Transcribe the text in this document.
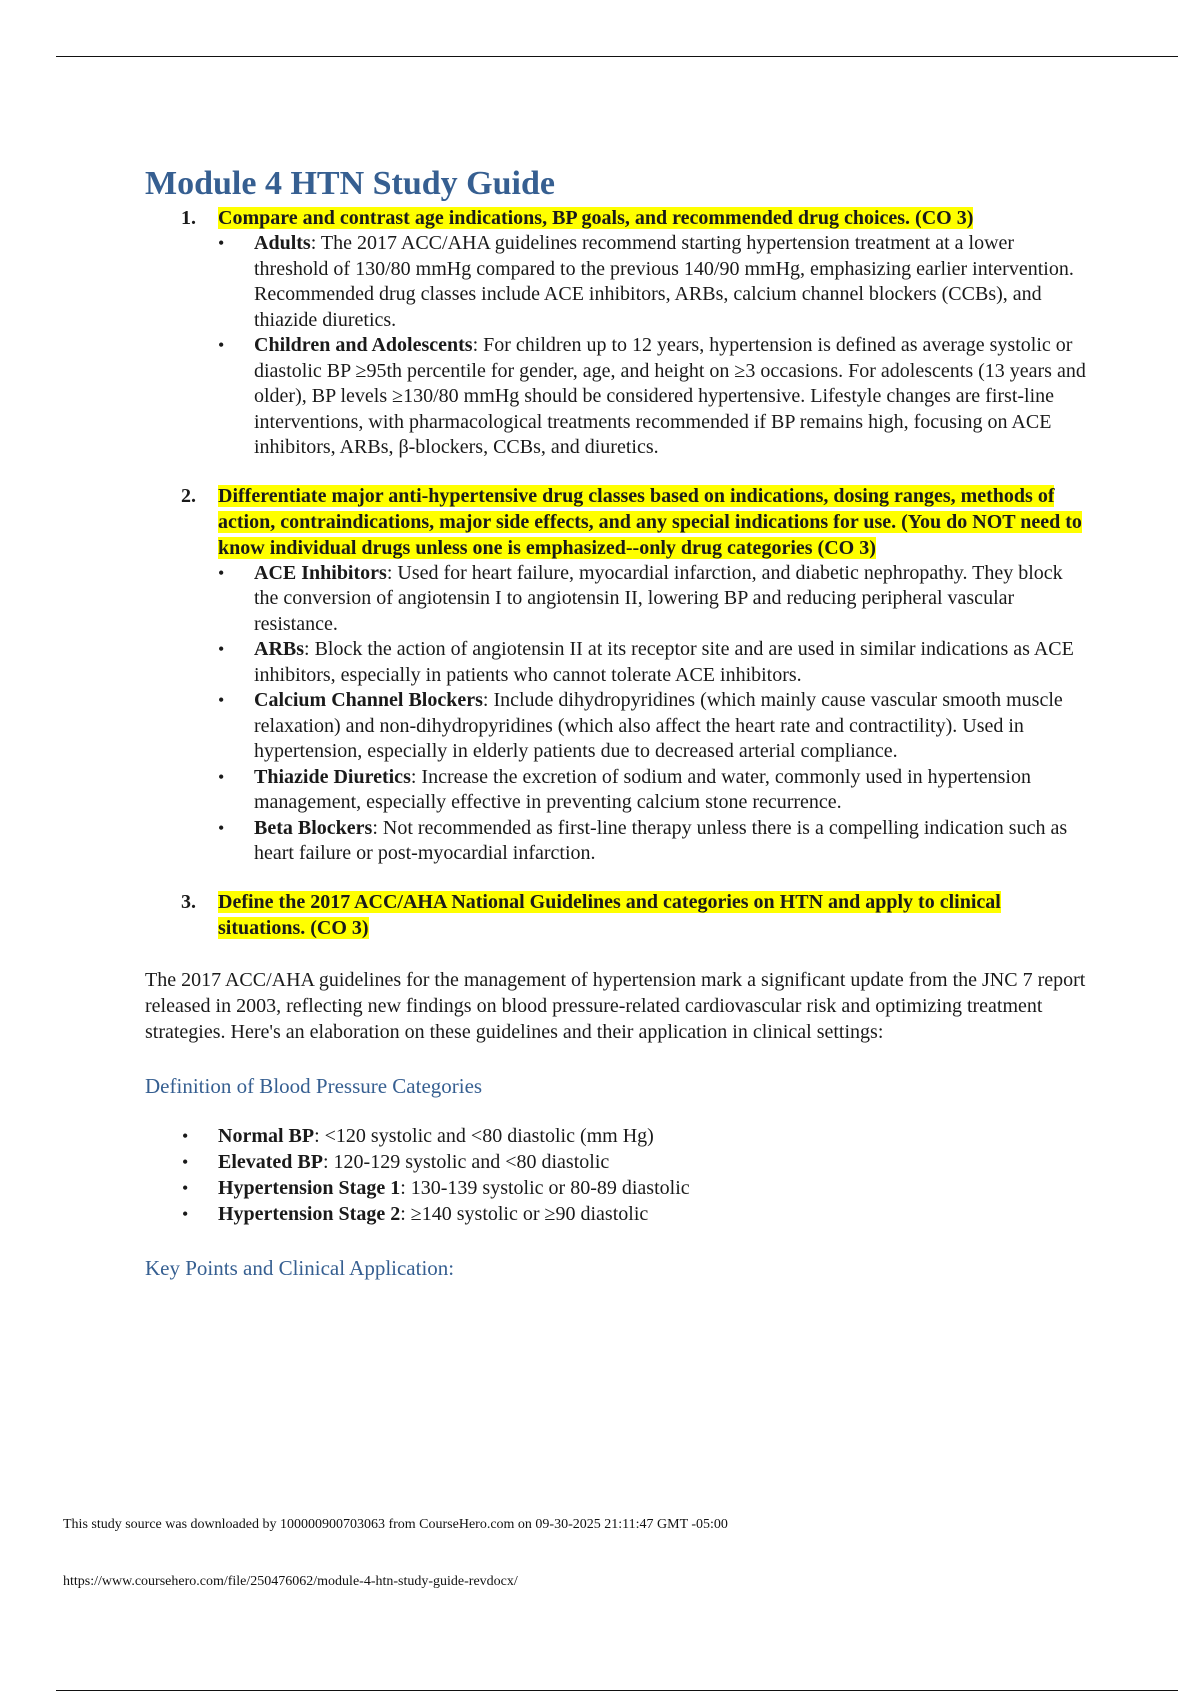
Module 4 HTN Study Guide
1. Compare and contrast age indications, BP goals, and recommended drug choices. (CO 3)
• Adults: The 2017 ACC/AHA guidelines recommend starting hypertension treatment at a lower threshold of 130/80 mmHg compared to the previous 140/90 mmHg, emphasizing earlier intervention. Recommended drug classes include ACE inhibitors, ARBs, calcium channel blockers (CCBs), and thiazide diuretics.
• Children and Adolescents: For children up to 12 years, hypertension is defined as average systolic or diastolic BP ≥95th percentile for gender, age, and height on ≥3 occasions. For adolescents (13 years and older), BP levels ≥130/80 mmHg should be considered hypertensive. Lifestyle changes are first-line interventions, with pharmacological treatments recommended if BP remains high, focusing on ACE inhibitors, ARBs, β-blockers, CCBs, and diuretics.
2. Differentiate major anti-hypertensive drug classes based on indications, dosing ranges, methods of action, contraindications, major side effects, and any special indications for use. (You do NOT need to know individual drugs unless one is emphasized--only drug categories (CO 3)
• ACE Inhibitors: Used for heart failure, myocardial infarction, and diabetic nephropathy. They block the conversion of angiotensin I to angiotensin II, lowering BP and reducing peripheral vascular resistance.
• ARBs: Block the action of angiotensin II at its receptor site and are used in similar indications as ACE inhibitors, especially in patients who cannot tolerate ACE inhibitors.
• Calcium Channel Blockers: Include dihydropyridines (which mainly cause vascular smooth muscle relaxation) and non-dihydropyridines (which also affect the heart rate and contractility). Used in hypertension, especially in elderly patients due to decreased arterial compliance.
• Thiazide Diuretics: Increase the excretion of sodium and water, commonly used in hypertension management, especially effective in preventing calcium stone recurrence.
• Beta Blockers: Not recommended as first-line therapy unless there is a compelling indication such as heart failure or post-myocardial infarction.
3. Define the 2017 ACC/AHA National Guidelines and categories on HTN and apply to clinical situations. (CO 3)

The 2017 ACC/AHA guidelines for the management of hypertension mark a significant update from the JNC 7 report released in 2003, reflecting new findings on blood pressure-related cardiovascular risk and optimizing treatment strategies. Here's an elaboration on these guidelines and their application in clinical settings:

Definition of Blood Pressure Categories
• Normal BP: <120 systolic and <80 diastolic (mm Hg)
• Elevated BP: 120-129 systolic and <80 diastolic
• Hypertension Stage 1: 130-139 systolic or 80-89 diastolic
• Hypertension Stage 2: ≥140 systolic or ≥90 diastolic
Key Points and Clinical Application:
This study source was downloaded by 100000900703063 from CourseHero.com on 09-30-2025 21:11:47 GMT -05:00
https://www.coursehero.com/file/250476062/module-4-htn-study-guide-revdocx/
